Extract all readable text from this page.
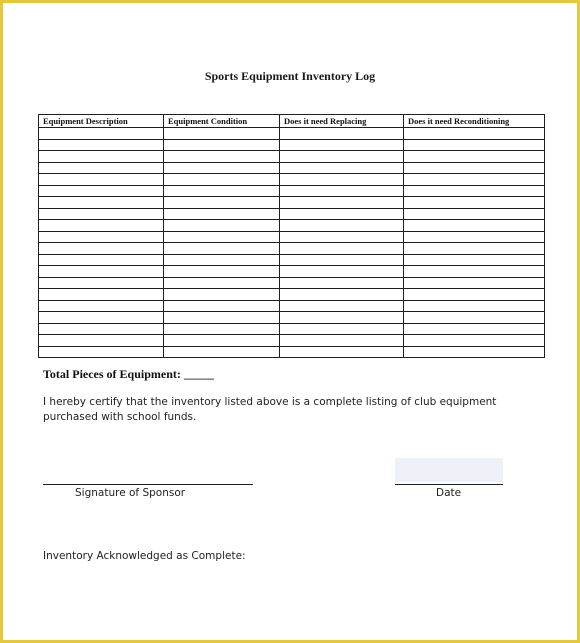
Sports Equipment Inventory Log
Equipment Description	Equipment Condition	Does it need Replacing	Does it need Reconditioning

Total Pieces of Equipment: _____
I hereby certify that the inventory listed above is a complete listing of club equipment purchased with school funds.
Signature of Sponsor	Date
Inventory Acknowledged as Complete:
